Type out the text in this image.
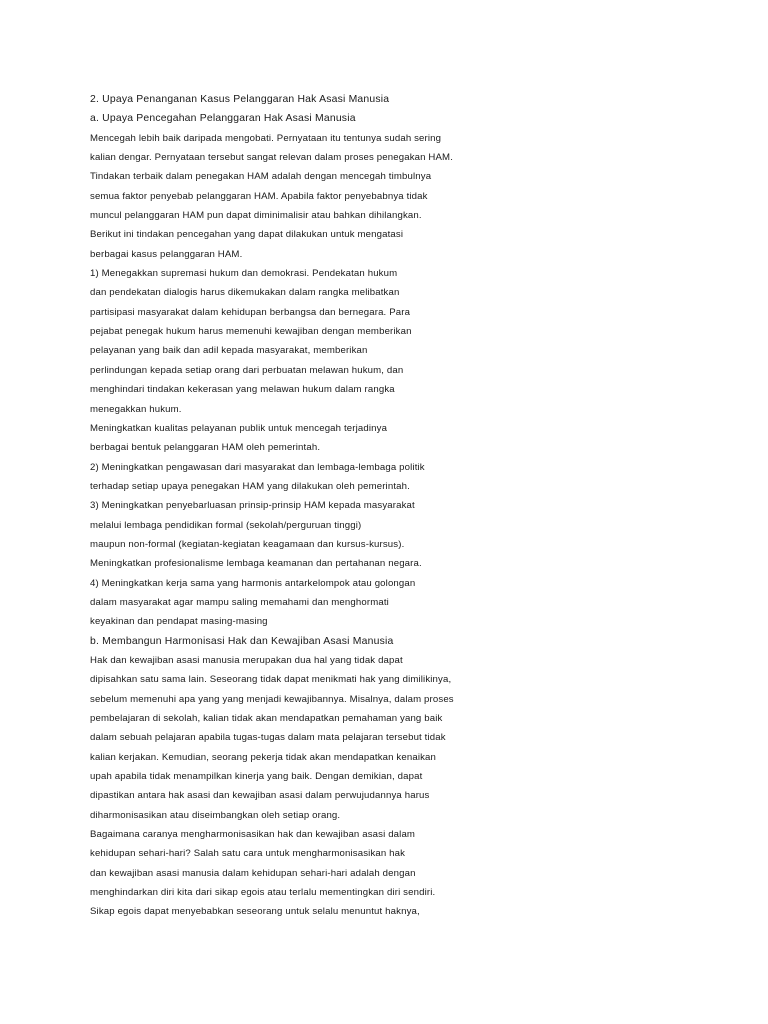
2. Upaya Penanganan Kasus Pelanggaran Hak Asasi Manusia
a. Upaya Pencegahan Pelanggaran Hak Asasi Manusia
Mencegah lebih baik daripada mengobati. Pernyataan itu tentunya sudah sering
kalian dengar. Pernyataan tersebut sangat relevan dalam proses penegakan HAM.
Tindakan terbaik dalam penegakan HAM adalah dengan mencegah timbulnya
semua faktor penyebab pelanggaran HAM. Apabila faktor penyebabnya tidak
muncul pelanggaran HAM pun dapat diminimalisir atau bahkan dihilangkan.
Berikut ini tindakan pencegahan yang dapat dilakukan untuk mengatasi
berbagai kasus pelanggaran HAM.
1) Menegakkan supremasi hukum dan demokrasi. Pendekatan hukum
dan pendekatan dialogis harus dikemukakan dalam rangka melibatkan
partisipasi masyarakat dalam kehidupan berbangsa dan bernegara. Para
pejabat penegak hukum harus memenuhi kewajiban dengan memberikan
pelayanan yang baik dan adil kepada masyarakat, memberikan
perlindungan kepada setiap orang dari perbuatan melawan hukum, dan
menghindari tindakan kekerasan yang melawan hukum dalam rangka
menegakkan hukum.
Meningkatkan kualitas pelayanan publik untuk mencegah terjadinya
berbagai bentuk pelanggaran HAM oleh pemerintah.
2) Meningkatkan pengawasan dari masyarakat dan lembaga-lembaga politik
terhadap setiap upaya penegakan HAM yang dilakukan oleh pemerintah.
3) Meningkatkan penyebarluasan prinsip-prinsip HAM kepada masyarakat
melalui lembaga pendidikan formal (sekolah/perguruan tinggi)
maupun non-formal (kegiatan-kegiatan keagamaan dan kursus-kursus).
Meningkatkan profesionalisme lembaga keamanan dan pertahanan negara.
4) Meningkatkan kerja sama yang harmonis antarkelompok atau golongan
dalam masyarakat agar mampu saling memahami dan menghormati
keyakinan dan pendapat masing-masing
b. Membangun Harmonisasi Hak dan Kewajiban Asasi Manusia
Hak dan kewajiban asasi manusia merupakan dua hal yang tidak dapat
dipisahkan satu sama lain. Seseorang tidak dapat menikmati hak yang dimilikinya,
sebelum memenuhi apa yang yang menjadi kewajibannya. Misalnya, dalam proses
pembelajaran di sekolah, kalian tidak akan mendapatkan pemahaman yang baik
dalam sebuah pelajaran apabila tugas-tugas dalam mata pelajaran tersebut tidak
kalian kerjakan. Kemudian, seorang pekerja tidak akan mendapatkan kenaikan
upah apabila tidak menampilkan kinerja yang baik. Dengan demikian, dapat
dipastikan antara hak asasi dan kewajiban asasi dalam perwujudannya harus
diharmonisasikan atau diseimbangkan oleh setiap orang.
Bagaimana caranya mengharmonisasikan hak dan kewajiban asasi dalam
kehidupan sehari-hari? Salah satu cara untuk mengharmonisasikan hak
dan kewajiban asasi manusia dalam kehidupan sehari-hari adalah dengan
menghindarkan diri kita dari sikap egois atau terlalu mementingkan diri sendiri.
Sikap egois dapat menyebabkan seseorang untuk selalu menuntut haknya,
